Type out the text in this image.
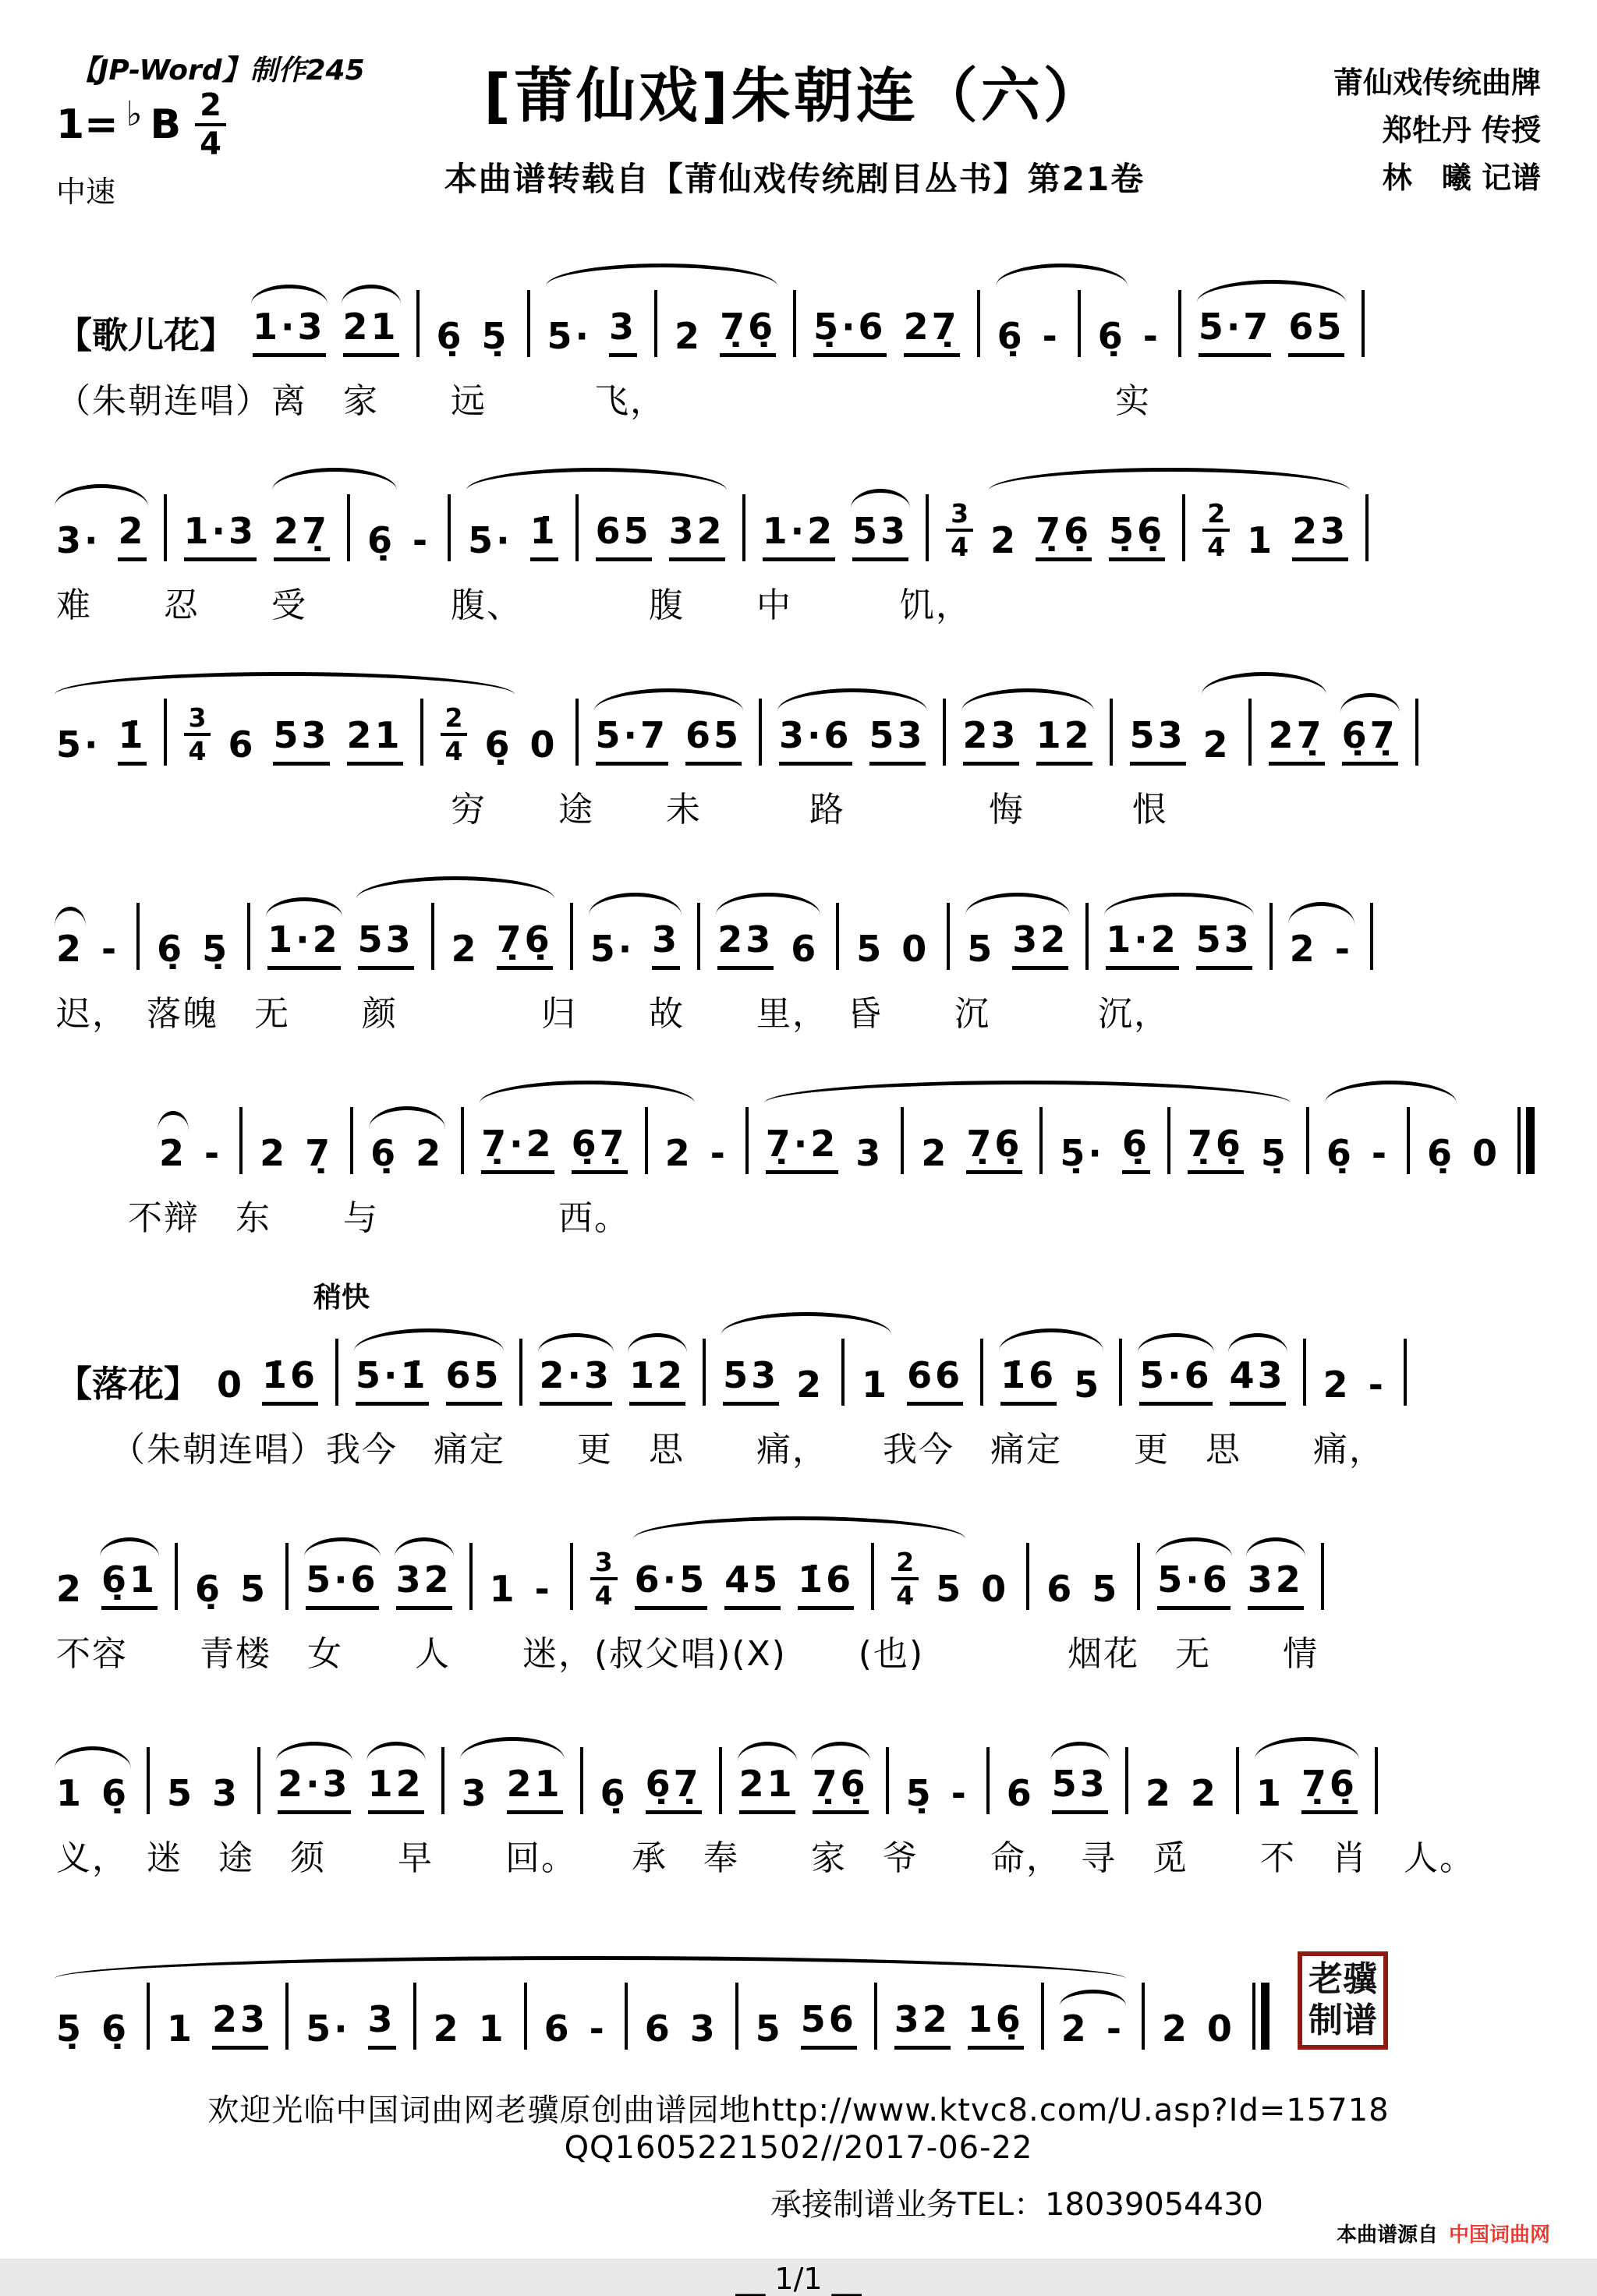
【JP-Word】制作245
1= ♭ B $\frac{2}{4}$
中速
[莆仙戏]朱朝连（六）
本曲谱转载自【莆仙戏传统剧目丛书】第21卷
莆仙戏传统曲牌
郑牡丹 传授
林　曦 记谱
【歌儿花】 1·3 21 6̣ 5̣ 5· 3 2 7̣6̣ 5̣·6 27̣ 6̣ - 6̣ - 5·7 65
（朱朝连唱）离　家　　远　　　飞，　　　　　　　　　　　　　实
3· 2 1·3 27̣ 6̣ - 5· 1̇ 65 32 1·2 $53 \frac{3}{4} 2$ 7̣6̣ 5̣6̣ $\frac{2}{4} 1$ 23
难　　忍　　受　　　　腹、　　　　腹　　中　　　饥，
5· 1̇ $\frac{3}{4} 6$ 53 $21 \frac{2}{4}$ 6̣ 0 5·7 65 3·6 53 23 12 53 2 27̣ 6̣7̣
　　　　　　　　　　　穷　　途　　未　　　路　　　　悔　　　恨
2 - 6̣ 5̣ 1·2 53 2 7̣6̣ 5· 3 23 6 5 0 5 32 1·2 53 2 -
迟，　落魄　无　　颜　　　　归　　故　　里，　昏　　沉　　　沉，
2 - 2 7̣ 6̣ 2 7̣·2 6̣7̣ 2 - 7̣·2 3 2 7̣6̣ 5̣· 6̣ 7̣6̣ 5̣ 6̣ - 6̣ 0
　　不辩　东　　与　　　　　西。
稍快
【落花】 0 1̇6 5·1̇ 65 2·3 12 53 2 1 66 1̇6 5 5·6 43 2 -
　　（朱朝连唱）我今　痛定　　更　思　　痛，　　我今　痛定　　更　思　　痛，
2 6̣1 6̣ 5 5·6 32 $1 - \frac{3}{4} 6\cdot 5$ 45 1̇6 $\frac{2}{4} 5$ 0 6 5 5·6 32
不容　　青楼　女　　人　　迷，(叔父唱)(X)　　(也)　　　　烟花　无　　情
1 6̣ 5 3 2·3 12 3 21 6̣ 6̣7̣ 21 7̣6̣ 5̣ - 6 53 2 2 1 7̣6̣
义，　迷　途　须　　早　　回。　　承　奉　　家　爷　　命，　寻　觅　　不　肖　人。
5̣ 6̣ 1 23 5· 3 2 1 6 - 6 3 5 56 32 16̣ 2 - 2 0
老骥
制谱
欢迎光临中国词曲网老骥原创曲谱园地http://www.ktvc8.com/U.asp?Id=15718 QQ1605221502//2017-06-22
承接制谱业务TEL：18039054430
__ 1/1 __
本曲谱源自 中国词曲网
